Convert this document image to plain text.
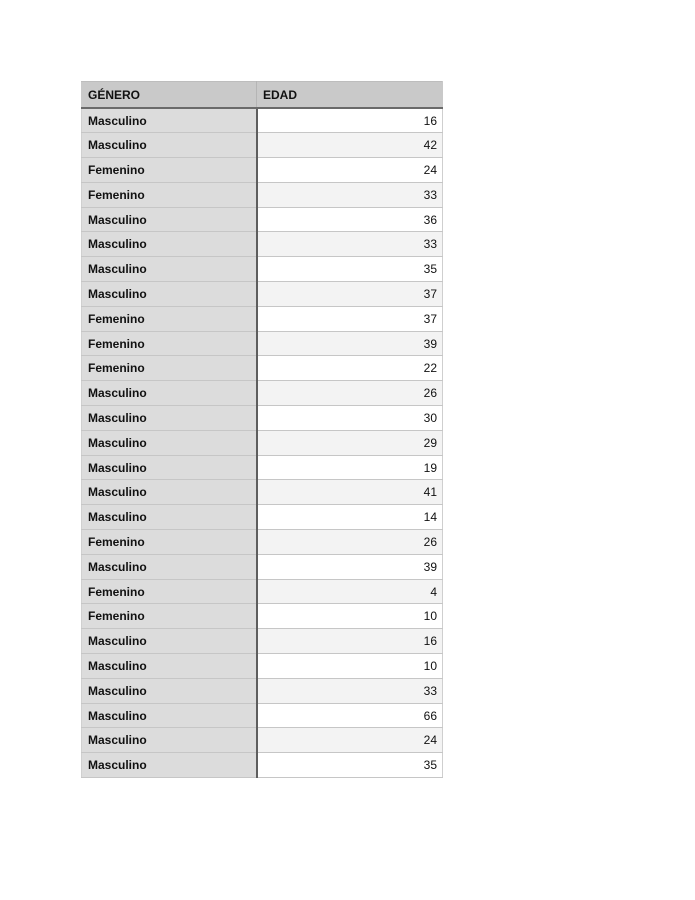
GÉNERO	EDAD
Masculino	16
Masculino	42
Femenino	24
Femenino	33
Masculino	36
Masculino	33
Masculino	35
Masculino	37
Femenino	37
Femenino	39
Femenino	22
Masculino	26
Masculino	30
Masculino	29
Masculino	19
Masculino	41
Masculino	14
Femenino	26
Masculino	39
Femenino	4
Femenino	10
Masculino	16
Masculino	10
Masculino	33
Masculino	66
Masculino	24
Masculino	35
